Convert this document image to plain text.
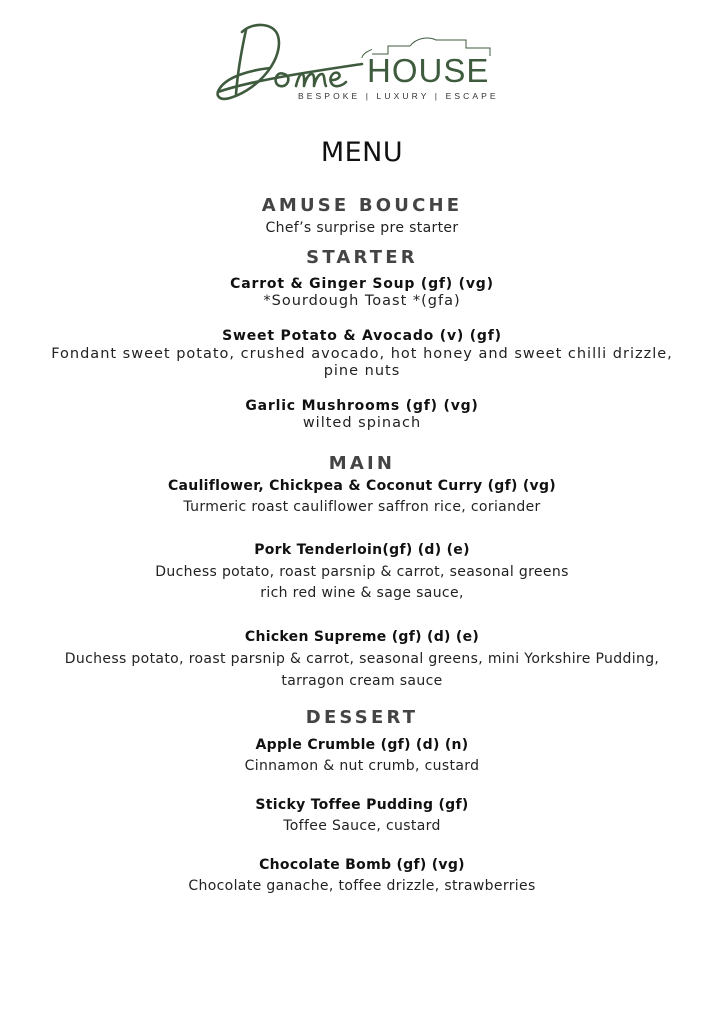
HOUSE
BESPOKE | LUXURY | ESCAPE
MENU
AMUSE BOUCHE
Chef’s surprise pre starter
STARTER
Carrot & Ginger Soup (gf) (vg)
*Sourdough Toast *(gfa)
Sweet Potato & Avocado (v) (gf)
Fondant sweet potato, crushed avocado, hot honey and sweet chilli drizzle,
pine nuts
Garlic Mushrooms (gf) (vg)
wilted spinach
MAIN
Cauliflower, Chickpea & Coconut Curry (gf) (vg)
Turmeric roast cauliflower saffron rice, coriander
Pork Tenderloin(gf) (d) (e)
Duchess potato, roast parsnip & carrot, seasonal greens
rich red wine & sage sauce,
Chicken Supreme (gf) (d) (e)
Duchess potato, roast parsnip & carrot, seasonal greens, mini Yorkshire Pudding,
tarragon cream sauce
DESSERT
Apple Crumble (gf) (d) (n)
Cinnamon & nut crumb, custard
Sticky Toffee Pudding (gf)
Toffee Sauce, custard
Chocolate Bomb (gf) (vg)
Chocolate ganache, toffee drizzle, strawberries
